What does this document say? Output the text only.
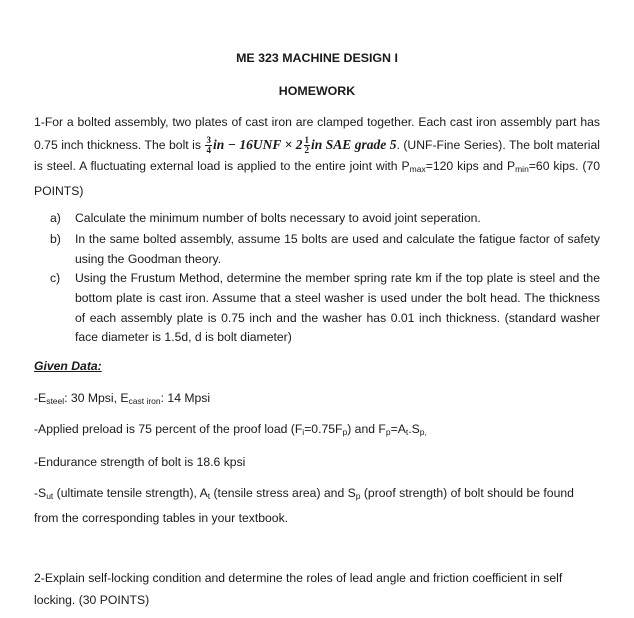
ME 323 MACHINE DESIGN I
HOMEWORK
1-For a bolted assembly, two plates of cast iron are clamped together. Each cast iron assembly part has 0.75 inch thickness. The bolt is $\frac{3}{4}$ in − $16UNF \times 2 \frac{1}{2}$ in SAE grade 5. (UNF-Fine Series). The bolt material is steel. A fluctuating external load is applied to the entire joint with $P_{max}=120$ kips and $P_{min}=60$ kips. (70 POINTS)
a)	Calculate the minimum number of bolts necessary to avoid joint seperation.
b)	In the same bolted assembly, assume 15 bolts are used and calculate the fatigue factor of safety using the Goodman theory.
c)	Using the Frustum Method, determine the member spring rate km if the top plate is steel and the bottom plate is cast iron. Assume that a steel washer is used under the bolt head. The thickness of each assembly plate is 0.75 inch and the washer has 0.01 inch thickness. (standard washer face diameter is 1.5d, d is bolt diameter)
Given Data:
$-E_{steel}$: 30 Mpsi, $E_{cast iron}$: 14 Mpsi
-Applied preload is 75 percent of the proof load $(F_i=0.75F_p)$ and $F_p=A_t.S_{p,}$
-Endurance strength of bolt is 18.6 kpsi
$-S_{ut}$ (ultimate tensile strength), $A_t$ (tensile stress area) and $S_p$ (proof strength) of bolt should be found from the corresponding tables in your textbook.
2-Explain self-locking condition and determine the roles of lead angle and friction coefficient in self locking. (30 POINTS)
